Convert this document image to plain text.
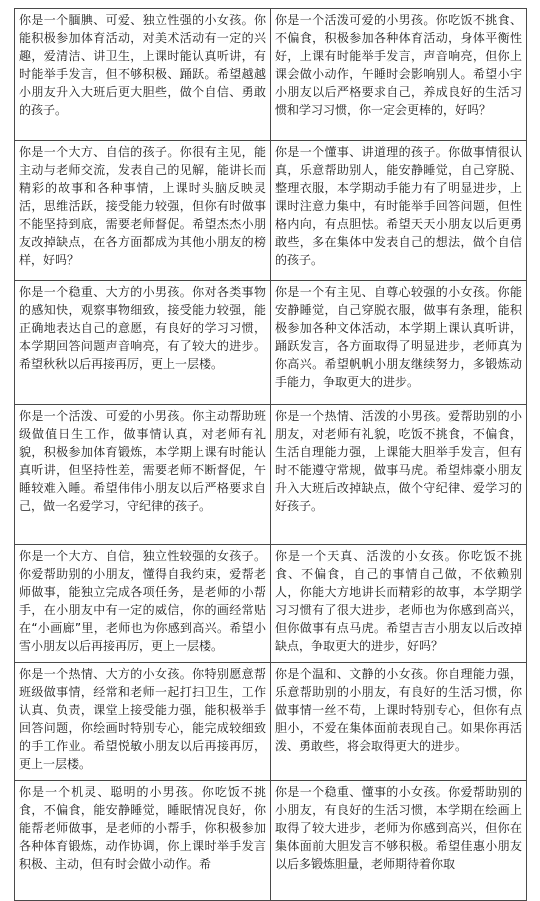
你是一个腼腆、可爱、独立性强的小女孩。你能积极参加体育活动，对美术活动有一定的兴趣，爱清洁、讲卫生，上课时能认真听讲，有时能举手发言，但不够积极、踊跃。希望越越小朋友升入大班后更大胆些，做个自信、勇敢的孩子。	你是一个活泼可爱的小男孩。你吃饭不挑食、不偏食，积极参加各种体育活动，身体平衡性好，上课有时能举手发言，声音响亮，但你上课会做小动作，午睡时会影响别人。希望小宇小朋友以后严格要求自己，养成良好的生活习惯和学习习惯，你一定会更棒的，好吗？

你是一个大方、自信的孩子。你很有主见，能主动与老师交流，发表自己的见解，能讲长而精彩的故事和各种事情，上课时头脑反映灵活，思维活跃，接受能力较强，但你有时做事不能坚持到底，需要老师督促。希望杰杰小朋友改掉缺点，在各方面都成为其他小朋友的榜样，好吗？	你是一个懂事、讲道理的孩子。你做事情很认真，乐意帮助别人，能安静睡觉，自己穿脱、整理衣服，本学期动手能力有了明显进步，上课时注意力集中，有时能举手回答问题，但性格内向，有点胆怯。希望天天小朋友以后更勇敢些，多在集体中发表自己的想法，做个自信的孩子。

你是一个稳重、大方的小男孩。你对各类事物的感知快，观察事物细致，接受能力较强，能正确地表达自己的意愿，有良好的学习习惯，本学期回答问题声音响亮，有了较大的进步。希望秋秋以后再接再厉，更上一层楼。	你是一个有主见、自尊心较强的小女孩。你能安静睡觉，自己穿脱衣服，做事有条理，能积极参加各种文体活动，本学期上课认真听讲，踊跃发言，各方面取得了明显进步，老师真为你高兴。希望帆帆小朋友继续努力，多锻炼动手能力，争取更大的进步。

你是一个活泼、可爱的小男孩。你主动帮助班级做值日生工作，做事情认真，对老师有礼貌，积极参加体育锻炼，本学期上课有时能认真听讲，但坚持性差，需要老师不断督促，午睡较难入睡。希望伟伟小朋友以后严格要求自己，做一名爱学习，守纪律的孩子。	你是一个热情、活泼的小男孩。爱帮助别的小朋友，对老师有礼貌，吃饭不挑食，不偏食，生活自理能力强，上课能大胆举手发言，但有时不能遵守常规，做事马虎。希望炜豪小朋友升入大班后改掉缺点，做个守纪律、爱学习的好孩子。

你是一个大方、自信，独立性较强的女孩子。你爱帮助别的小朋友，懂得自我约束，爱帮老师做事，能独立完成各项任务，是老师的小帮手，在小朋友中有一定的威信，你的画经常贴在“小画廊”里，老师也为你感到高兴。希望小雪小朋友以后再接再厉，更上一层楼。	你是一个天真、活泼的小女孩。你吃饭不挑食、不偏食，自己的事情自己做，不依赖别人，你能大方地讲长而精彩的故事，本学期学习习惯有了很大进步，老师也为你感到高兴，但你做事有点马虎。希望吉吉小朋友以后改掉缺点，争取更大的进步，好吗？

你是一个热情、大方的小女孩。你特别愿意帮班级做事情，经常和老师一起打扫卫生，工作认真、负责，课堂上接受能力强，能积极举手回答问题，你绘画时特别专心，能完成较细致的手工作业。希望悦敏小朋友以后再接再厉，更上一层楼。	你是个温和、文静的小女孩。你自理能力强，乐意帮助别的小朋友，有良好的生活习惯，你做事情一丝不苟，上课时特别专心，但你有点胆小，不爱在集体面前表现自己。如果你再活泼、勇敢些，将会取得更大的进步。

你是一个机灵、聪明的小男孩。你吃饭不挑食，不偏食，能安静睡觉，睡眠情况良好，你能帮老师做事，是老师的小帮手，你积极参加各种体育锻炼，动作协调，你上课时举手发言积极、主动，但有时会做小动作。希	你是一个稳重、懂事的小女孩。你爱帮助别的小朋友，有良好的生活习惯，本学期在绘画上取得了较大进步，老师为你感到高兴，但你在集体面前大胆发言不够积极。希望佳惠小朋友以后多锻炼胆量，老师期待着你取
